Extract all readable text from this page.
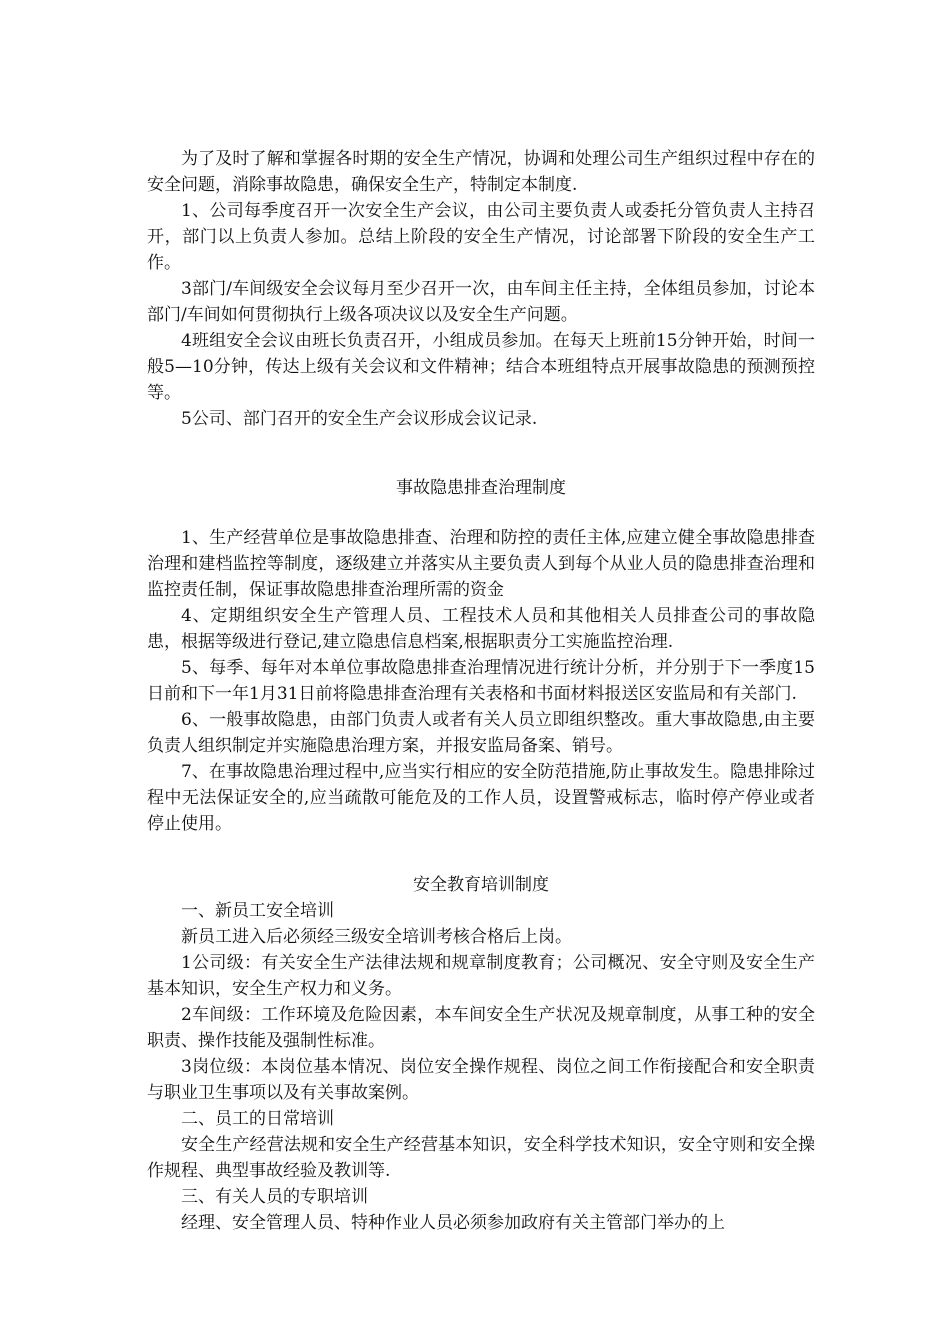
为了及时了解和掌握各时期的安全生产情况，协调和处理公司生产组织过程中存在的安全问题，消除事故隐患，确保安全生产，特制定本制度.

1、公司每季度召开一次安全生产会议，由公司主要负责人或委托分管负责人主持召开，部门以上负责人参加。总结上阶段的安全生产情况，讨论部署下阶段的安全生产工作。

3部门/车间级安全会议每月至少召开一次，由车间主任主持，全体组员参加，讨论本部门/车间如何贯彻执行上级各项决议以及安全生产问题。

4班组安全会议由班长负责召开，小组成员参加。在每天上班前15分钟开始，时间一般5—10分钟，传达上级有关会议和文件精神；结合本班组特点开展事故隐患的预测预控等。

5公司、部门召开的安全生产会议形成会议记录.

事故隐患排查治理制度

1、生产经营单位是事故隐患排查、治理和防控的责任主体,应建立健全事故隐患排查治理和建档监控等制度，逐级建立并落实从主要负责人到每个从业人员的隐患排查治理和监控责任制，保证事故隐患排查治理所需的资金

4、定期组织安全生产管理人员、工程技术人员和其他相关人员排查公司的事故隐患，根据等级进行登记,建立隐患信息档案,根据职责分工实施监控治理.

5、每季、每年对本单位事故隐患排查治理情况进行统计分析，并分别于下一季度15日前和下一年1月31日前将隐患排查治理有关表格和书面材料报送区安监局和有关部门.

6、一般事故隐患，由部门负责人或者有关人员立即组织整改。重大事故隐患,由主要负责人组织制定并实施隐患治理方案，并报安监局备案、销号。

7、在事故隐患治理过程中,应当实行相应的安全防范措施,防止事故发生。隐患排除过程中无法保证安全的,应当疏散可能危及的工作人员，设置警戒标志，临时停产停业或者停止使用。

安全教育培训制度

一、新员工安全培训

新员工进入后必须经三级安全培训考核合格后上岗。

1公司级：有关安全生产法律法规和规章制度教育；公司概况、安全守则及安全生产基本知识，安全生产权力和义务。

2车间级：工作环境及危险因素，本车间安全生产状况及规章制度，从事工种的安全职责、操作技能及强制性标准。

3岗位级：本岗位基本情况、岗位安全操作规程、岗位之间工作衔接配合和安全职责与职业卫生事项以及有关事故案例。

二、员工的日常培训

安全生产经营法规和安全生产经营基本知识，安全科学技术知识，安全守则和安全操作规程、典型事故经验及教训等.

三、有关人员的专职培训

经理、安全管理人员、特种作业人员必须参加政府有关主管部门举办的上
